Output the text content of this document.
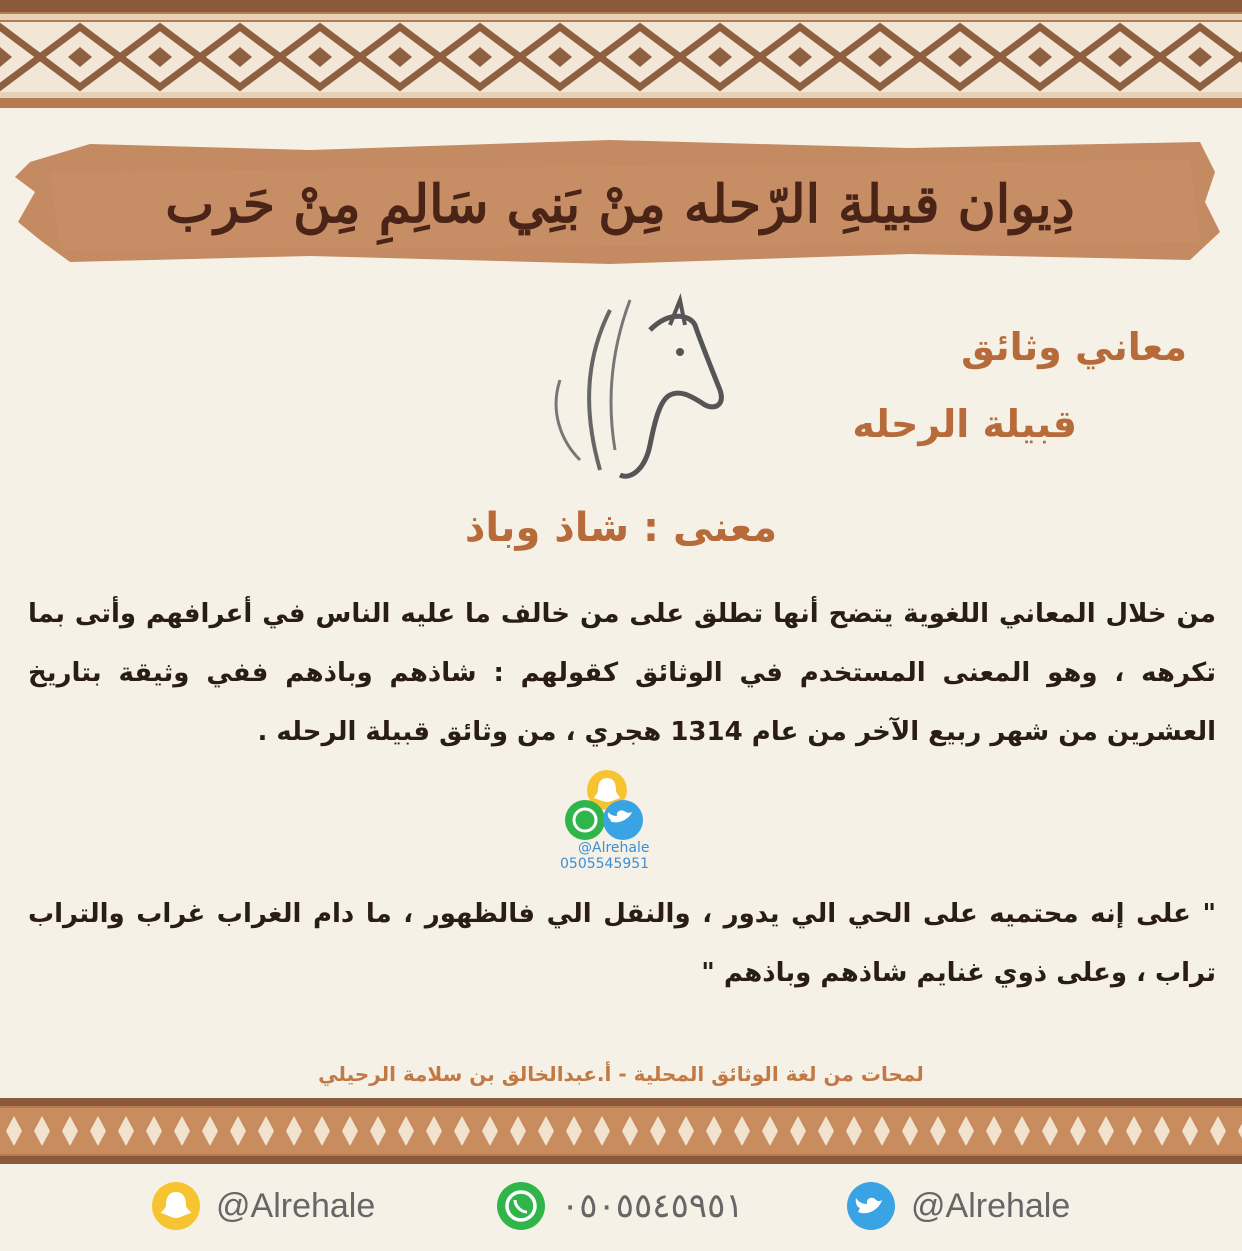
دِيوان قبيلةِ الرّحله مِنْ بَنِي سَالِمِ مِنْ حَرب
معاني وثائق
قبيلة الرحله
معنى : شاذ وباذ
من خلال المعاني اللغوية يتضح أنها تطلق على من خالف ما عليه الناس في أعرافهم وأتى بما تكرهه ، وهو المعنى المستخدم في الوثائق كقولهم : شاذهم وباذهم ففي وثيقة بتاريخ العشرين من شهر ربيع الآخر من عام 1314 هجري ، من وثائق قبيلة الرحله .
@Alrehale
0505545951
" على إنه محتميه على الحي الي يدور ، والنقل الي فالظهور ، ما دام الغراب غراب والتراب تراب ، وعلى ذوي غنايم شاذهم وباذهم "
لمحات من لغة الوثائق المحلية - أ.عبدالخالق بن سلامة الرحيلي
@Alrehale	٠٥٠٥٥٤٥٩٥١	@Alrehale
